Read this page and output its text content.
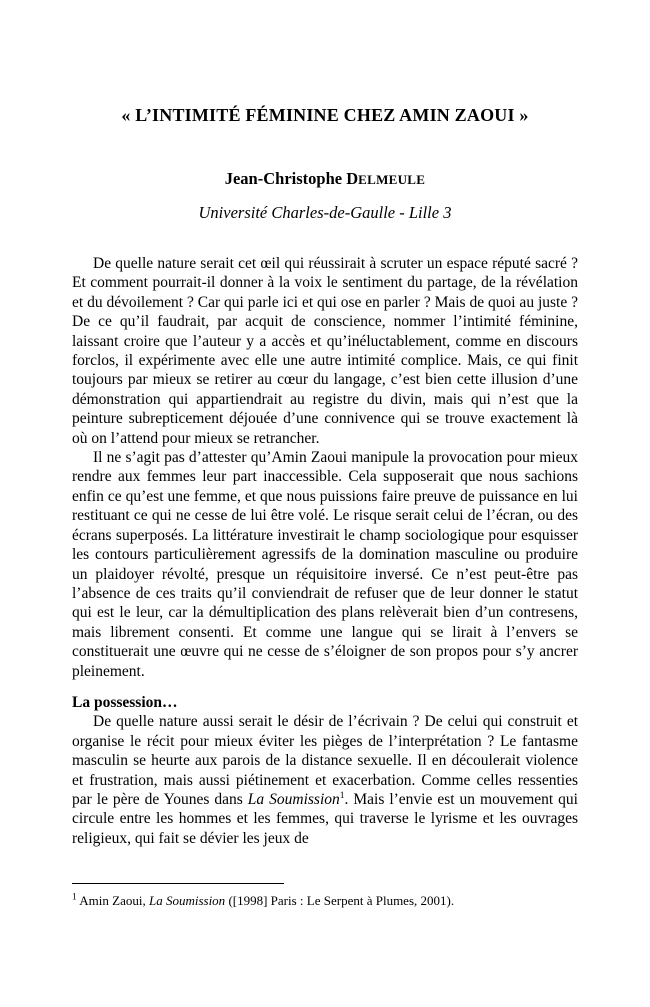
« L’INTIMITÉ FÉMININE CHEZ AMIN ZAOUI »
Jean-Christophe DELMEULE
Université Charles-de-Gaulle - Lille 3

De quelle nature serait cet œil qui réussirait à scruter un espace réputé sacré ? Et comment pourrait-il donner à la voix le sentiment du partage, de la révélation et du dévoilement ? Car qui parle ici et qui ose en parler ? Mais de quoi au juste ? De ce qu’il faudrait, par acquit de conscience, nommer l’intimité féminine, laissant croire que l’auteur y a accès et qu’inéluctablement, comme en discours forclos, il expérimente avec elle une autre intimité complice. Mais, ce qui finit toujours par mieux se retirer au cœur du langage, c’est bien cette illusion d’une démonstration qui appartiendrait au registre du divin, mais qui n’est que la peinture subrepticement déjouée d’une connivence qui se trouve exactement là où on l’attend pour mieux se retrancher.

Il ne s’agit pas d’attester qu’Amin Zaoui manipule la provocation pour mieux rendre aux femmes leur part inaccessible. Cela supposerait que nous sachions enfin ce qu’est une femme, et que nous puissions faire preuve de puissance en lui restituant ce qui ne cesse de lui être volé. Le risque serait celui de l’écran, ou des écrans superposés. La littérature investirait le champ sociologique pour esquisser les contours particulièrement agressifs de la domination masculine ou produire un plaidoyer révolté, presque un réquisitoire inversé. Ce n’est peut-être pas l’absence de ces traits qu’il conviendrait de refuser que de leur donner le statut qui est le leur, car la démultiplication des plans relèverait bien d’un contresens, mais librement consenti. Et comme une langue qui se lirait à l’envers se constituerait une œuvre qui ne cesse de s’éloigner de son propos pour s’y ancrer pleinement.

La possession…

De quelle nature aussi serait le désir de l’écrivain ? De celui qui construit et organise le récit pour mieux éviter les pièges de l’interprétation ? Le fantasme masculin se heurte aux parois de la distance sexuelle. Il en découlerait violence et frustration, mais aussi piétinement et exacerbation. Comme celles ressenties par le père de Younes dans La Soumission$^1$. Mais l’envie est un mouvement qui circule entre les hommes et les femmes, qui traverse le lyrisme et les ouvrages religieux, qui fait se dévier les jeux de

$^1$ Amin Zaoui, La Soumission ([1998] Paris : Le Serpent à Plumes, 2001).
